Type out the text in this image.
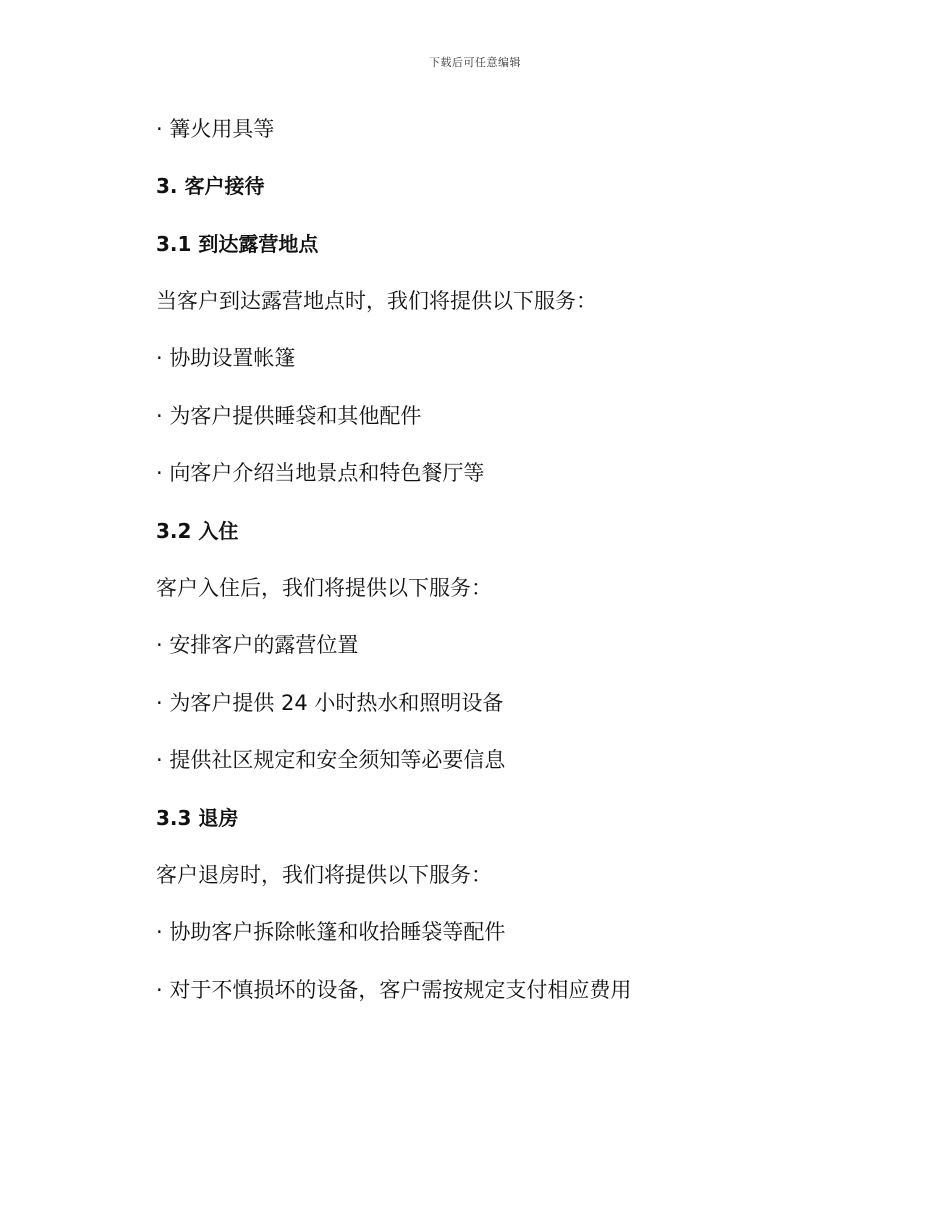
下载后可任意编辑
· 篝火用具等
3. 客户接待
3.1 到达露营地点
当客户到达露营地点时，我们将提供以下服务：
· 协助设置帐篷
· 为客户提供睡袋和其他配件
· 向客户介绍当地景点和特色餐厅等
3.2 入住
客户入住后，我们将提供以下服务：
· 安排客户的露营位置
· 为客户提供 24 小时热水和照明设备
· 提供社区规定和安全须知等必要信息
3.3 退房
客户退房时，我们将提供以下服务：
· 协助客户拆除帐篷和收拾睡袋等配件
· 对于不慎损坏的设备，客户需按规定支付相应费用
